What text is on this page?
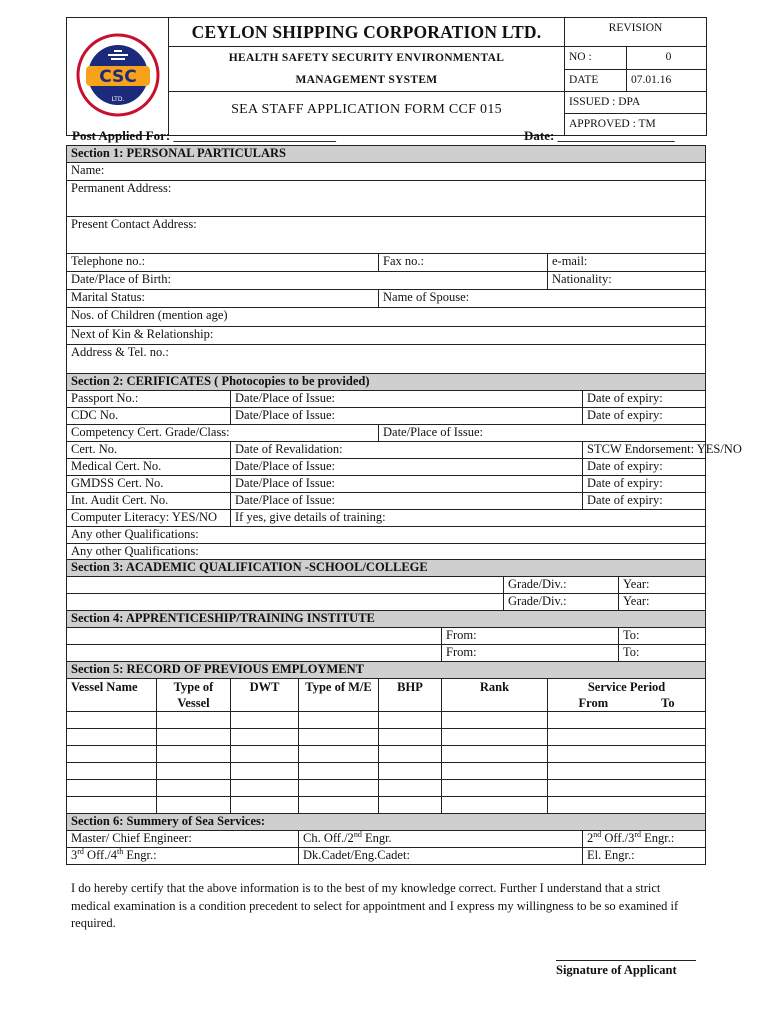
CSC
LTD.	CEYLON SHIPPING CORPORATION LTD.	REVISION	

	HEALTH SAFETY SECURITY ENVIRONMENTAL
MANAGEMENT SYSTEM	NO :	0
		DATE	07.01.16
	SEA STAFF APPLICATION FORM CCF 015	ISSUED : DPA	
		APPROVED : TM	
Post Applied For: _________________________	Date: __________________
Section 1: PERSONAL PARTICULARS									
Name:									
Permanent Address:									
Present Contact Address:									
Telephone no.:				Fax no.:			e-mail:		
Date/Place of Birth:							Nationality:		
Marital Status:				Name of Spouse:					
Nos. of Children (mention age)									
Next of Kin & Relationship:									
Address & Tel. no.:									
Section 2: CERIFICATES ( Photocopies to be provided)									
Passport No.:		Date/Place of Issue:						Date of expiry:	
CDC No.		Date/Place of Issue:						Date of expiry:	
Competency Cert. Grade/Class:				Date/Place of Issue:					
Cert. No.		Date of Revalidation:						STCW Endorsement: YES/NO	
Medical Cert. No.		Date/Place of Issue:						Date of expiry:	
GMDSS Cert. No.		Date/Place of Issue:						Date of expiry:	
Int. Audit Cert. No.		Date/Place of Issue:						Date of expiry:	
Computer Literacy: YES/NO		If yes, give details of training:							
Any other Qualifications:									
Any other Qualifications:									
Section 3: ACADEMIC QUALIFICATION -SCHOOL/COLLEGE									
						Grade/Div.:			Year:
						Grade/Div.:			Year:
Section 4: APPRENTICESHIP/TRAINING INSTITUTE									
					From:				To:
					From:				To:
Section 5: RECORD OF PREVIOUS EMPLOYMENT									
Vessel Name	Type of Vessel	DWT	Type of M/E	BHP	Rank		Service Period
From To		

Section 6: Summery of Sea Services:									
Master/ Chief Engineer:			Ch. Off./2nd Engr.					2nd Off./3rd Engr.:	
3rd Off./4th Engr.:			Dk.Cadet/Eng.Cadet:					El. Engr.:	
I do hereby certify that the above information is to the best of my knowledge correct. Further I understand that a strict medical examination is a condition precedent to select for appointment and I express my willingness to be so examined if required.
Signature of Applicant
